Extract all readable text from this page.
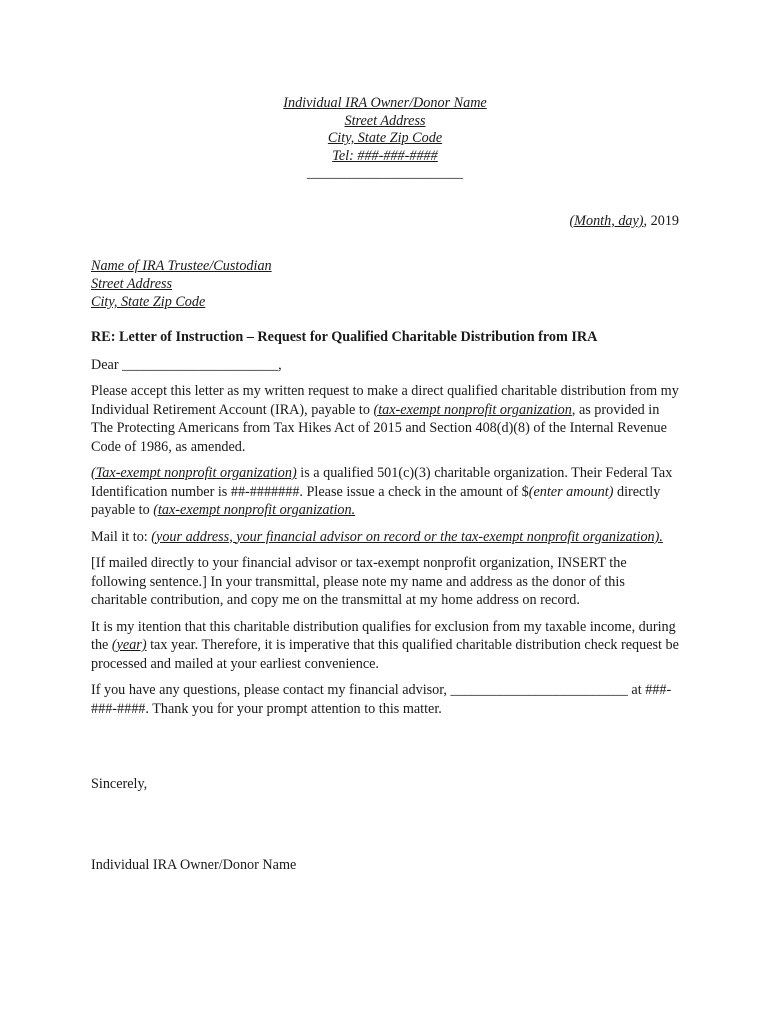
Individual IRA Owner/Donor Name
Street Address
City, State Zip Code
Tel: ###-###-####
______________________
(Month, day), 2019
Name of IRA Trustee/Custodian
Street Address
City, State Zip Code
RE: Letter of Instruction – Request for Qualified Charitable Distribution from IRA
Dear ______________________,

Please accept this letter as my written request to make a direct qualified charitable distribution from my Individual Retirement Account (IRA), payable to (tax-exempt nonprofit organization, as provided in The Protecting Americans from Tax Hikes Act of 2015 and Section 408(d)(8) of the Internal Revenue Code of 1986, as amended.

(Tax-exempt nonprofit organization) is a qualified 501(c)(3) charitable organization. Their Federal Tax Identification number is ##-#######. Please issue a check in the amount of $(enter amount) directly payable to (tax-exempt nonprofit organization.

Mail it to: (your address, your financial advisor on record or the tax-exempt nonprofit organization).

[If mailed directly to your financial advisor or tax-exempt nonprofit organization, INSERT the following sentence.] In your transmittal, please note my name and address as the donor of this charitable contribution, and copy me on the transmittal at my home address on record.

It is my itention that this charitable distribution qualifies for exclusion from my taxable income, during the (year) tax year. Therefore, it is imperative that this qualified charitable distribution check request be processed and mailed at your earliest convenience.

If you have any questions, please contact my financial advisor, _________________________ at ###-###-####. Thank you for your prompt attention to this matter.

Sincerely,
Individual IRA Owner/Donor Name
